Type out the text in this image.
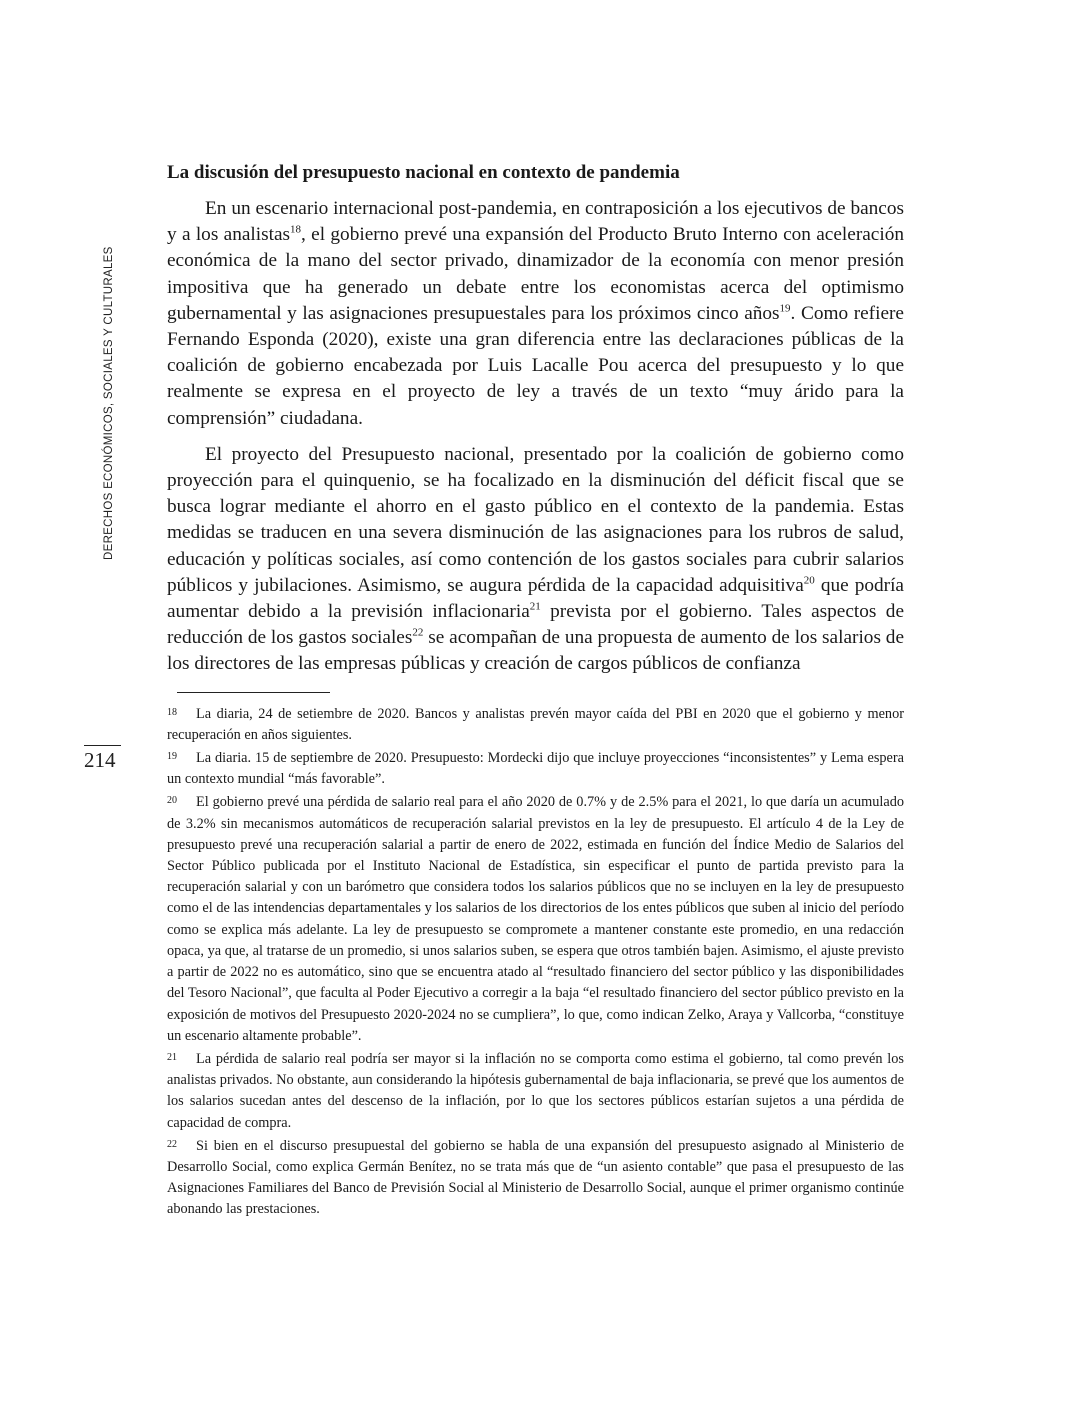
DERECHOS ECONÓMICOS, SOCIALES Y CULTURALES
214
La discusión del presupuesto nacional en contexto de pandemia

En un escenario internacional post-pandemia, en contraposición a los ejecutivos de bancos y a los analistas$^{18}$, el gobierno prevé una expansión del Producto Bruto Interno con aceleración económica de la mano del sector privado, dinamizador de la economía con menor presión impositiva que ha generado un debate entre los economistas acerca del optimismo gubernamental y las asignaciones presupuestales para los próximos cinco años$^{19}$. Como refiere Fernando Esponda (2020), existe una gran diferencia entre las declaraciones públicas de la coalición de gobierno encabezada por Luis Lacalle Pou acerca del presupuesto y lo que realmente se expresa en el proyecto de ley a través de un texto “muy árido para la comprensión” ciudadana.

El proyecto del Presupuesto nacional, presentado por la coalición de gobierno como proyección para el quinquenio, se ha focalizado en la disminución del déficit fiscal que se busca lograr mediante el ahorro en el gasto público en el contexto de la pandemia. Estas medidas se traducen en una severa disminución de las asignaciones para los rubros de salud, educación y políticas sociales, así como contención de los gastos sociales para cubrir salarios públicos y jubilaciones. Asimismo, se augura pérdida de la capacidad adquisitiva$^{20}$ que podría aumentar debido a la previsión inflacionaria$^{21}$ prevista por el gobierno. Tales aspectos de reducción de los gastos sociales$^{22}$ se acompañan de una propuesta de aumento de los salarios de los directores de las empresas públicas y creación de cargos públicos de confianza

18 La diaria, 24 de setiembre de 2020. Bancos y analistas prevén mayor caída del PBI en 2020 que el gobierno y menor recuperación en años siguientes.

19 La diaria. 15 de septiembre de 2020. Presupuesto: Mordecki dijo que incluye proyecciones “inconsistentes” y Lema espera un contexto mundial “más favorable”.

20 El gobierno prevé una pérdida de salario real para el año 2020 de 0.7% y de 2.5% para el 2021, lo que daría un acumulado de 3.2% sin mecanismos automáticos de recuperación salarial previstos en la ley de presupuesto. El artículo 4 de la Ley de presupuesto prevé una recuperación salarial a partir de enero de 2022, estimada en función del Índice Medio de Salarios del Sector Público publicada por el Instituto Nacional de Estadística, sin especificar el punto de partida previsto para la recuperación salarial y con un barómetro que considera todos los salarios públicos que no se incluyen en la ley de presupuesto como el de las intendencias departamentales y los salarios de los directorios de los entes públicos que suben al inicio del período como se explica más adelante. La ley de presupuesto se compromete a mantener constante este promedio, en una redacción opaca, ya que, al tratarse de un promedio, si unos salarios suben, se espera que otros también bajen. Asimismo, el ajuste previsto a partir de 2022 no es automático, sino que se encuentra atado al “resultado financiero del sector público y las disponibilidades del Tesoro Nacional”, que faculta al Poder Ejecutivo a corregir a la baja “el resultado financiero del sector público previsto en la exposición de motivos del Presupuesto 2020-2024 no se cumpliera”, lo que, como indican Zelko, Araya y Vallcorba, “constituye un escenario altamente probable”.

21 La pérdida de salario real podría ser mayor si la inflación no se comporta como estima el gobierno, tal como prevén los analistas privados. No obstante, aun considerando la hipótesis gubernamental de baja inflacionaria, se prevé que los aumentos de los salarios sucedan antes del descenso de la inflación, por lo que los sectores públicos estarían sujetos a una pérdida de capacidad de compra.

22 Si bien en el discurso presupuestal del gobierno se habla de una expansión del presupuesto asignado al Ministerio de Desarrollo Social, como explica Germán Benítez, no se trata más que de “un asiento contable” que pasa el presupuesto de las Asignaciones Familiares del Banco de Previsión Social al Ministerio de Desarrollo Social, aunque el primer organismo continúe abonando las prestaciones.
